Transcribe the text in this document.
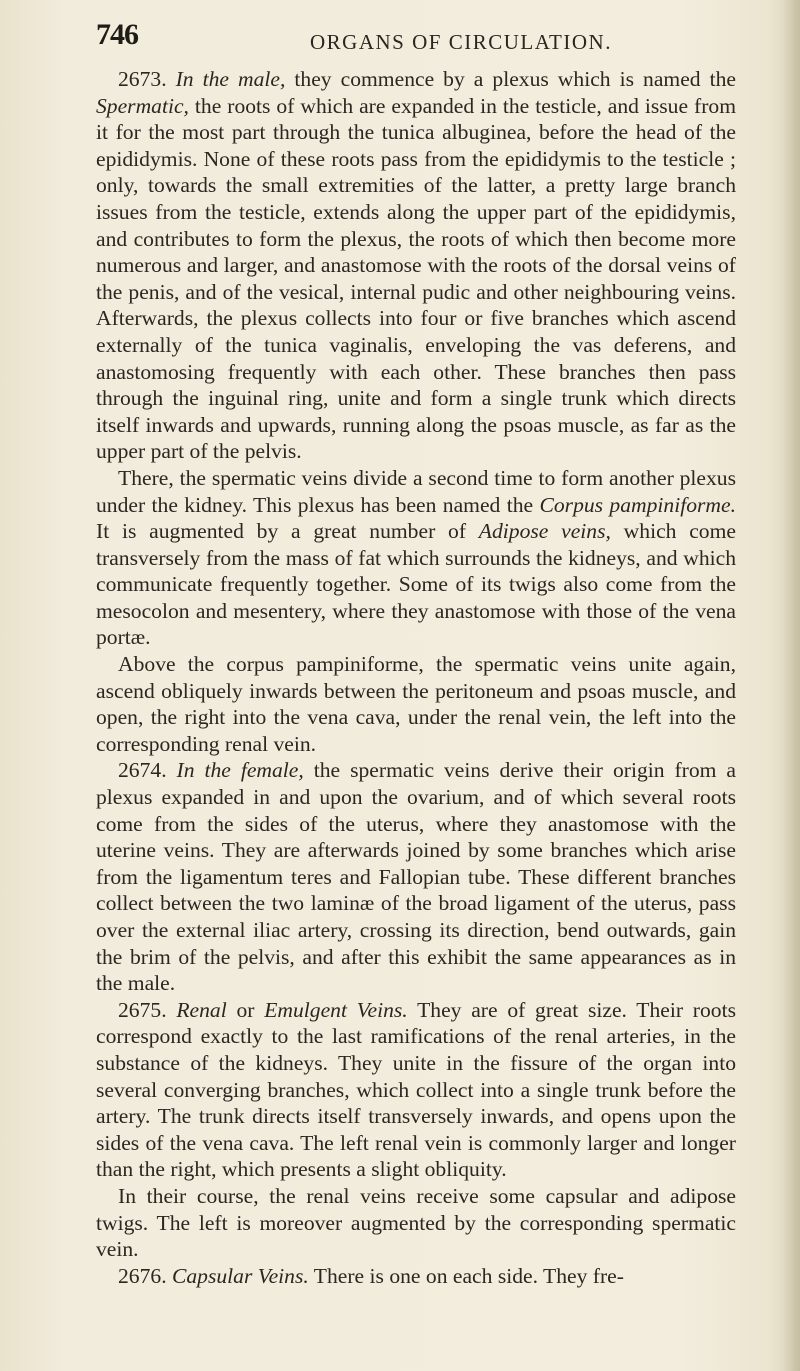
746	ORGANS OF CIRCULATION.

2673. In the male, they commence by a plexus which is named the Spermatic, the roots of which are expanded in the testicle, and issue from it for the most part through the tunica albuginea, before the head of the epididymis. None of these roots pass from the epididymis to the testicle ; only, towards the small extremities of the latter, a pretty large branch issues from the testicle, extends along the upper part of the epididymis, and contributes to form the plexus, the roots of which then become more numerous and larger, and anastomose with the roots of the dorsal veins of the penis, and of the vesical, internal pudic and other neighbouring veins. Afterwards, the plexus collects into four or five branches which ascend externally of the tunica vaginalis, enveloping the vas deferens, and anastomosing frequently with each other. These branches then pass through the inguinal ring, unite and form a single trunk which directs itself inwards and upwards, running along the psoas muscle, as far as the upper part of the pelvis.

There, the spermatic veins divide a second time to form another plexus under the kidney. This plexus has been named the Corpus pampiniforme. It is augmented by a great number of Adipose veins, which come transversely from the mass of fat which surrounds the kidneys, and which communicate frequently together. Some of its twigs also come from the mesocolon and mesentery, where they anastomose with those of the vena portæ.

Above the corpus pampiniforme, the spermatic veins unite again, ascend obliquely inwards between the peritoneum and psoas muscle, and open, the right into the vena cava, under the renal vein, the left into the corresponding renal vein.

2674. In the female, the spermatic veins derive their origin from a plexus expanded in and upon the ovarium, and of which several roots come from the sides of the uterus, where they anastomose with the uterine veins. They are afterwards joined by some branches which arise from the ligamentum teres and Fallopian tube. These different branches collect between the two laminæ of the broad ligament of the uterus, pass over the external iliac artery, crossing its direction, bend outwards, gain the brim of the pelvis, and after this exhibit the same appearances as in the male.

2675. Renal or Emulgent Veins. They are of great size. Their roots correspond exactly to the last ramifications of the renal arteries, in the substance of the kidneys. They unite in the fissure of the organ into several converging branches, which collect into a single trunk before the artery. The trunk directs itself transversely inwards, and opens upon the sides of the vena cava. The left renal vein is commonly larger and longer than the right, which presents a slight obliquity.

In their course, the renal veins receive some capsular and adipose twigs. The left is moreover augmented by the corresponding spermatic vein.

2676. Capsular Veins. There is one on each side. They fre-
